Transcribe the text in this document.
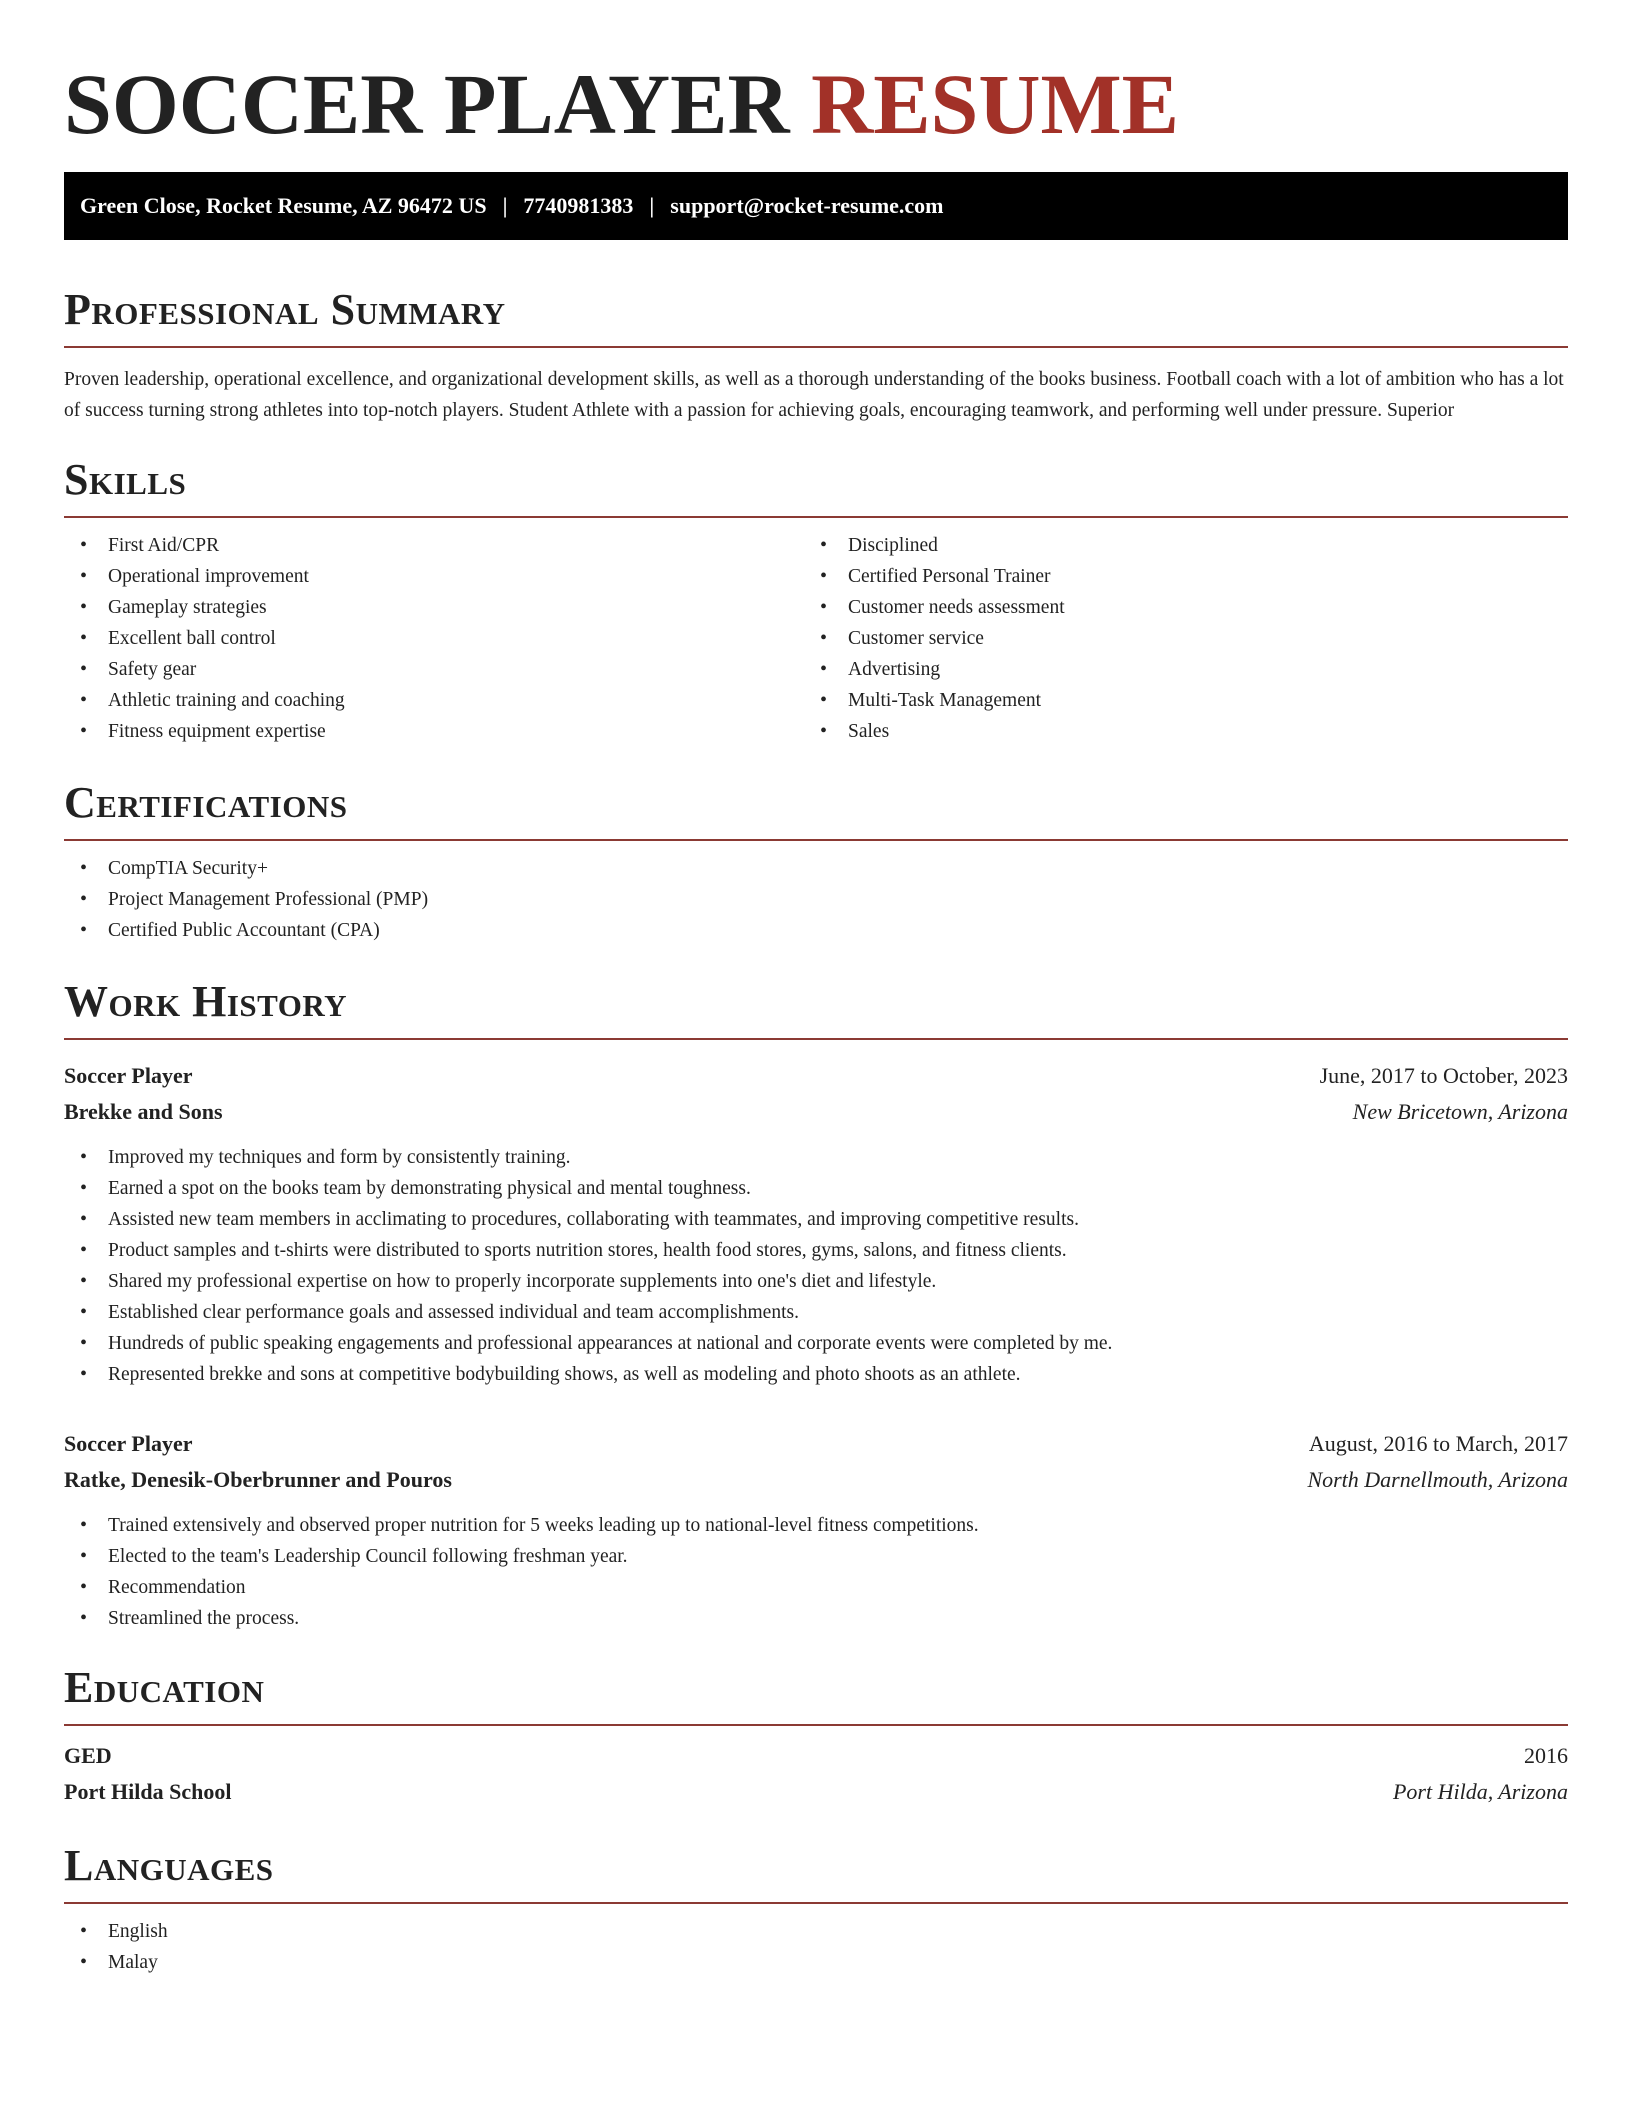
SOCCER PLAYER RESUME
Green Close, Rocket Resume, AZ 96472 US | 7740981383 | support@rocket-resume.com
Professional Summary

Proven leadership, operational excellence, and organizational development skills, as well as a thorough understanding of the books business. Football coach with a lot of ambition who has a lot of success turning strong athletes into top-notch players. Student Athlete with a passion for achieving goals, encouraging teamwork, and performing well under pressure. Superior

Skills
• First Aid/CPR
• Operational improvement
• Gameplay strategies
• Excellent ball control
• Safety gear
• Athletic training and coaching
• Fitness equipment expertise
• Disciplined
• Certified Personal Trainer
• Customer needs assessment
• Customer service
• Advertising
• Multi-Task Management
• Sales
Certifications
• CompTIA Security+
• Project Management Professional (PMP)
• Certified Public Accountant (CPA)
Work History
Soccer Player	June, 2017 to October, 2023
Brekke and Sons	New Bricetown, Arizona
• Improved my techniques and form by consistently training.
• Earned a spot on the books team by demonstrating physical and mental toughness.
• Assisted new team members in acclimating to procedures, collaborating with teammates, and improving competitive results.
• Product samples and t-shirts were distributed to sports nutrition stores, health food stores, gyms, salons, and fitness clients.
• Shared my professional expertise on how to properly incorporate supplements into one's diet and lifestyle.
• Established clear performance goals and assessed individual and team accomplishments.
• Hundreds of public speaking engagements and professional appearances at national and corporate events were completed by me.
• Represented brekke and sons at competitive bodybuilding shows, as well as modeling and photo shoots as an athlete.
Soccer Player	August, 2016 to March, 2017
Ratke, Denesik-Oberbrunner and Pouros	North Darnellmouth, Arizona
• Trained extensively and observed proper nutrition for 5 weeks leading up to national-level fitness competitions.
• Elected to the team's Leadership Council following freshman year.
• Recommendation
• Streamlined the process.
Education
GED	2016
Port Hilda School	Port Hilda, Arizona
Languages
• English
• Malay
